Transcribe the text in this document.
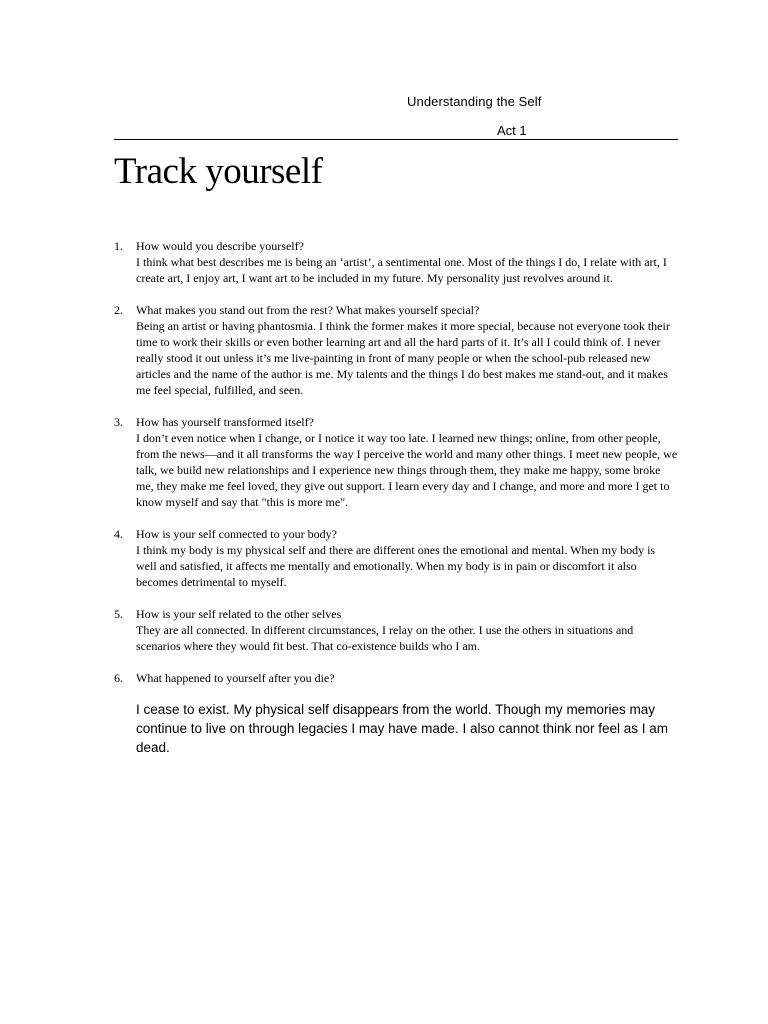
Understanding the Self
Act 1
Track yourself
1. How would you describe yourself?
I think what best describes me is being an ‘artist’, a sentimental one. Most of the things I do, I relate with art, I create art, I enjoy art, I want art to be included in my future. My personality just revolves around it.
2. What makes you stand out from the rest? What makes yourself special?
Being an artist or having phantosmia. I think the former makes it more special, because not everyone took their time to work their skills or even bother learning art and all the hard parts of it. It’s all I could think of. I never really stood it out unless it’s me live-painting in front of many people or when the school-pub released new articles and the name of the author is me. My talents and the things I do best makes me stand-out, and it makes me feel special, fulfilled, and seen.
3. How has yourself transformed itself?
I don’t even notice when I change, or I notice it way too late. I learned new things; online, from other people, from the news—and it all transforms the way I perceive the world and many other things. I meet new people, we talk, we build new relationships and I experience new things through them, they make me happy, some broke me, they make me feel loved, they give out support. I learn every day and I change, and more and more I get to know myself and say that "this is more me".
4. How is your self connected to your body?
I think my body is my physical self and there are different ones the emotional and mental. When my body is well and satisfied, it affects me mentally and emotionally. When my body is in pain or discomfort it also becomes detrimental to myself.
5. How is your self related to the other selves
They are all connected. In different circumstances, I relay on the other. I use the others in situations and scenarios where they would fit best. That co-existence builds who I am.
6. What happened to yourself after you die?
I cease to exist. My physical self disappears from the world. Though my memories may continue to live on through legacies I may have made. I also cannot think nor feel as I am dead.
